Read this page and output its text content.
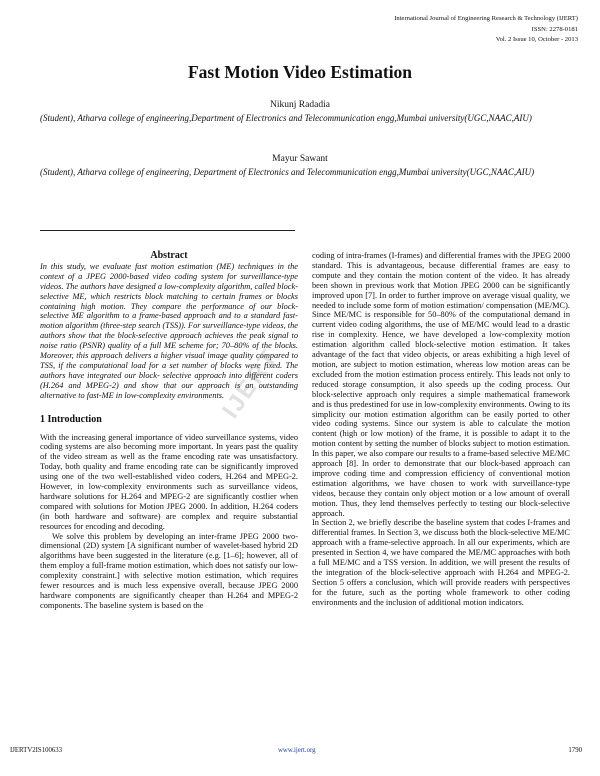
International Journal of Engineering Research & Technology (IJERT)
ISSN: 2278-0181
Vol. 2 Issue 10, October - 2013
Fast Motion Video Estimation
Nikunj Radadia
(Student), Atharva college of engineering,Department of Electronics and Telecommunication engg,Mumbai university(UGC,NAAC,AIU)
Mayur Sawant
(Student), Atharva college of engineering, Department of Electronics and Telecommunication engg,Mumbai university(UGC,NAAC,AIU)
Abstract

In this study, we evaluate fast motion estimation (ME) techniques in the context of a JPEG 2000-based video coding system for surveillance-type videos. The authors have designed a low-complexity algorithm, called block-selective ME, which restricts block matching to certain frames or blocks containing high motion. They compare the performance of our block- selective ME algorithm to a frame-based approach and to a standard fast-motion algorithm (three-step search (TSS)). For surveillance-type videos, the authors show that the block-selective approach achieves the peak signal to noise ratio (PSNR) quality of a full ME scheme for; 70–80% of the blocks. Moreover, this approach delivers a higher visual image quality compared to TSS, if the computational load for a set number of blocks were fixed. The authors have integrated our block- selective approach into different coders (H.264 and MPEG-2) and show that our approach is an outstanding alternative to fast-ME in low-complexity environments.

1 Introduction

With the increasing general importance of video surveillance systems, video coding systems are also becoming more important. In years past the quality of the video stream as well as the frame encoding rate was unsatisfactory. Today, both quality and frame encoding rate can be significantly improved using one of the two well-established video coders, H.264 and MPEG-2. However, in low-complexity environments such as surveillance videos, hardware solutions for H.264 and MPEG-2 are significantly costlier when compared with solutions for Motion JPEG 2000. In addition, H.264 coders (in both hardware and software) are complex and require substantial resources for encoding and decoding.

We solve this problem by developing an inter-frame JPEG 2000 two-dimensional (2D) system [A significant number of wavelet-based hybrid 2D algorithms have been suggested in the literature (e.g. [1–6]; however, all of them employ a full-frame motion estimation, which does not satisfy our low-complexity constraint.] with selective motion estimation, which requires fewer resources and is much less expensive overall, because JPEG 2000 hardware components are significantly cheaper than H.264 and MPEG-2 components. The baseline system is based on the

coding of intra-frames (I-frames) and differential frames with the JPEG 2000 standard. This is advantageous, because differential frames are easy to compute and they contain the motion content of the video. It has already been shown in previous work that Motion JPEG 2000 can be significantly improved upon [7]. In order to further improve on average visual quality, we needed to include some form of motion estimation/ compensation (ME/MC). Since ME/MC is responsible for 50–80% of the computational demand in current video coding algorithms, the use of ME/MC would lead to a drastic rise in complexity. Hence, we have developed a low-complexity motion estimation algorithm called block-selective motion estimation. It takes advantage of the fact that video objects, or areas exhibiting a high level of motion, are subject to motion estimation, whereas low motion areas can be excluded from the motion estimation process entirely. This leads not only to reduced storage consumption, it also speeds up the coding process. Our block-selective approach only requires a simple mathematical framework and is thus predestined for use in low-complexity environments. Owing to its simplicity our motion estimation algorithm can be easily ported to other video coding systems. Since our system is able to calculate the motion content (high or low motion) of the frame, it is possible to adapt it to the motion content by setting the number of blocks subject to motion estimation. In this paper, we also compare our results to a frame-based selective ME/MC approach [8]. In order to demonstrate that our block-based approach can improve coding time and compression efficiency of conventional motion estimation algorithms, we have chosen to work with surveillance-type videos, because they contain only object motion or a low amount of overall motion. Thus, they lend themselves perfectly to testing our block-selective approach.

In Section 2, we briefly describe the baseline system that codes I-frames and differential frames. In Section 3, we discuss both the block-selective ME/MC approach with a frame-selective approach. In all our experiments, which are presented in Section 4, we have compared the ME/MC approaches with both a full ME/MC and a TSS version. In addition, we will present the results of the integration of the block-selective approach with H.264 and MPEG-2. Section 5 offers a conclusion, which will provide readers with perspectives for the future, such as the porting whole framework to other coding environments and the inclusion of additional motion indicators.

IJERT
IJERTV2IS100633	www.ijert.org	1790
